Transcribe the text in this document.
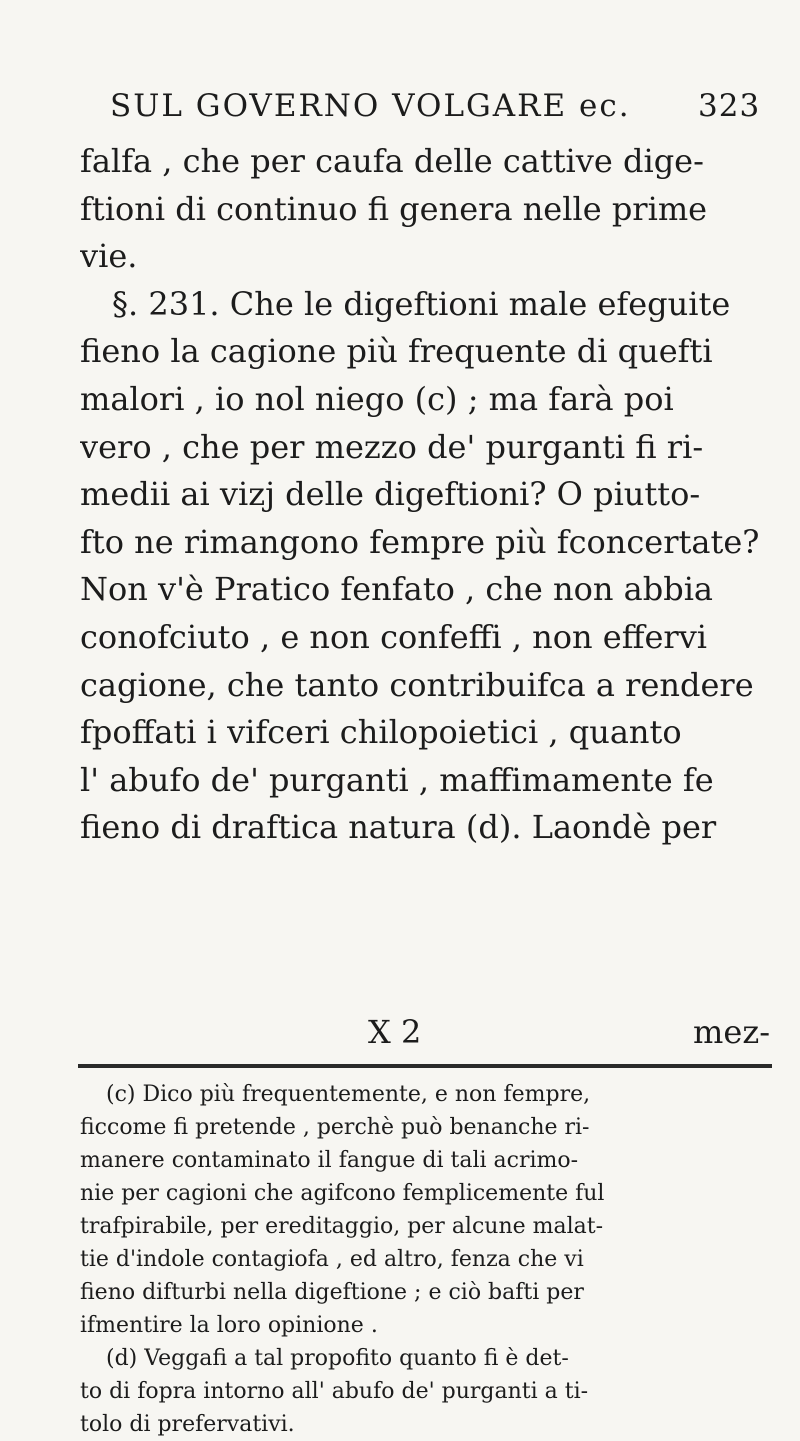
SUL GOVERNO VOLGARE ec. 323
falfa , che per caufa delle cattive dige-
ftioni di continuo fi genera nelle prime
vie.
§. 231. Che le digeftioni male efeguite
fieno la cagione più frequente di quefti
malori , io nol niego (c) ; ma farà poi
vero , che per mezzo de' purganti fi ri-
medii ai vizj delle digeftioni? O piutto-
fto ne rimangono fempre più fconcertate?
Non v'è Pratico fenfato , che non abbia
conofciuto , e non confeffi , non effervi
cagione, che tanto contribuifca a rendere
fpoffati i vifceri chilopoietici , quanto
l' abufo de' purganti , maffimamente fe
fieno di draftica natura (d). Laondè per
X 2	mez-
(c) Dico più frequentemente, e non fempre,
ficcome fi pretende , perchè può benanche ri-
manere contaminato il fangue di tali acrimo-
nie per cagioni che agifcono femplicemente ful
trafpirabile, per ereditaggio, per alcune malat-
tie d'indole contagiofa , ed altro, fenza che vi
fieno difturbi nella digeftione ; e ciò bafti per
ifmentire la loro opinione .
(d) Veggafi a tal propofito quanto fi è det-
to di fopra intorno all' abufo de' purganti a ti-
tolo di prefervativi.
